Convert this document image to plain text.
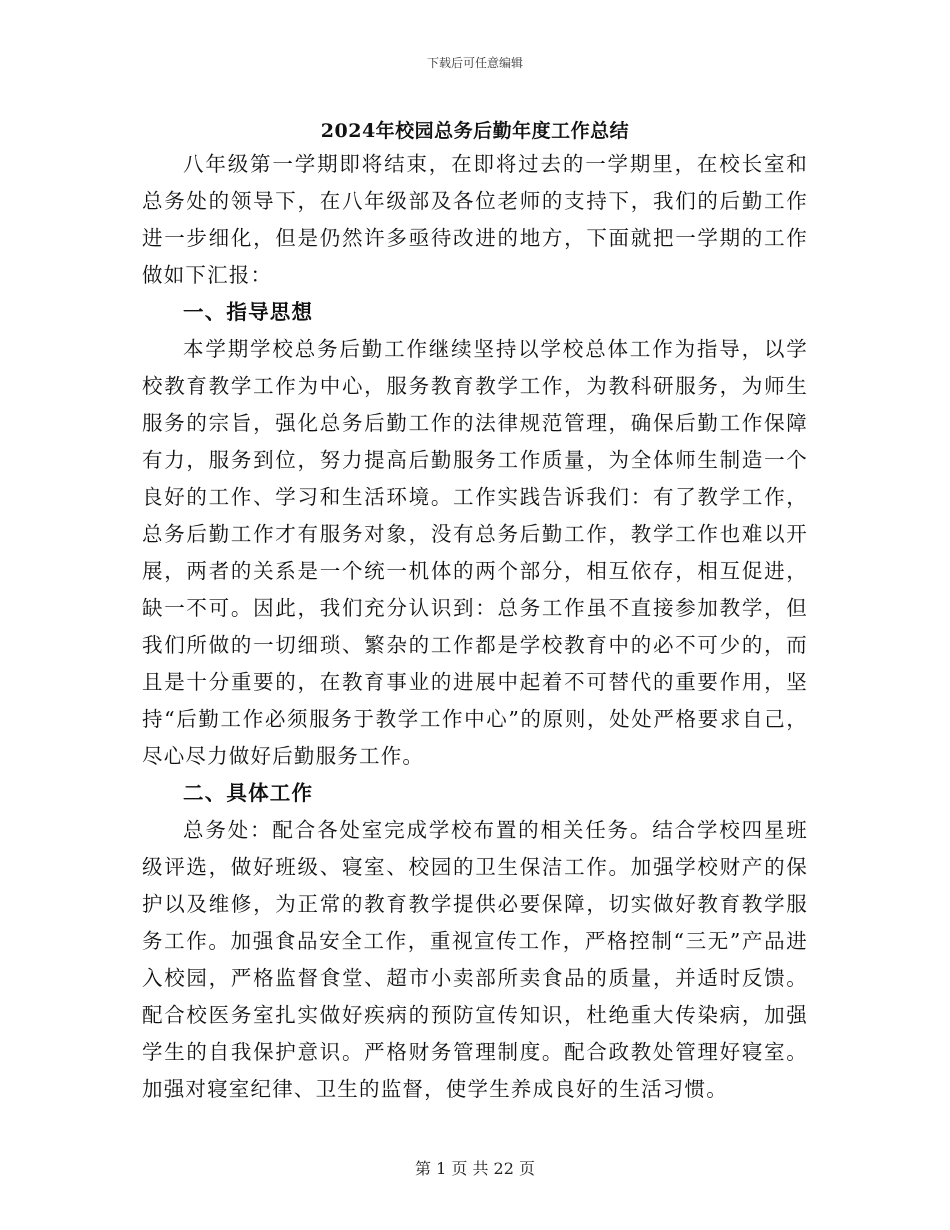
下载后可任意编辑
2024年校园总务后勤年度工作总结

八年级第一学期即将结束，在即将过去的一学期里，在校长室和总务处的领导下，在八年级部及各位老师的支持下，我们的后勤工作进一步细化，但是仍然许多亟待改进的地方，下面就把一学期的工作做如下汇报：

一、指导思想

本学期学校总务后勤工作继续坚持以学校总体工作为指导，以学校教育教学工作为中心，服务教育教学工作，为教科研服务，为师生服务的宗旨，强化总务后勤工作的法律规范管理，确保后勤工作保障有力，服务到位，努力提高后勤服务工作质量，为全体师生制造一个良好的工作、学习和生活环境。工作实践告诉我们：有了教学工作，总务后勤工作才有服务对象，没有总务后勤工作，教学工作也难以开展，两者的关系是一个统一机体的两个部分，相互依存，相互促进，缺一不可。因此，我们充分认识到：总务工作虽不直接参加教学，但我们所做的一切细琐、繁杂的工作都是学校教育中的必不可少的，而且是十分重要的，在教育事业的进展中起着不可替代的重要作用，坚持“后勤工作必须服务于教学工作中心”的原则，处处严格要求自己，尽心尽力做好后勤服务工作。

二、具体工作

总务处：配合各处室完成学校布置的相关任务。结合学校四星班级评选，做好班级、寝室、校园的卫生保洁工作。加强学校财产的保护以及维修，为正常的教育教学提供必要保障，切实做好教育教学服务工作。加强食品安全工作，重视宣传工作，严格控制“三无”产品进入校园，严格监督食堂、超市小卖部所卖食品的质量，并适时反馈。配合校医务室扎实做好疾病的预防宣传知识，杜绝重大传染病，加强学生的自我保护意识。严格财务管理制度。配合政教处管理好寝室。加强对寝室纪律、卫生的监督，使学生养成良好的生活习惯。

第 1 页 共 22 页
